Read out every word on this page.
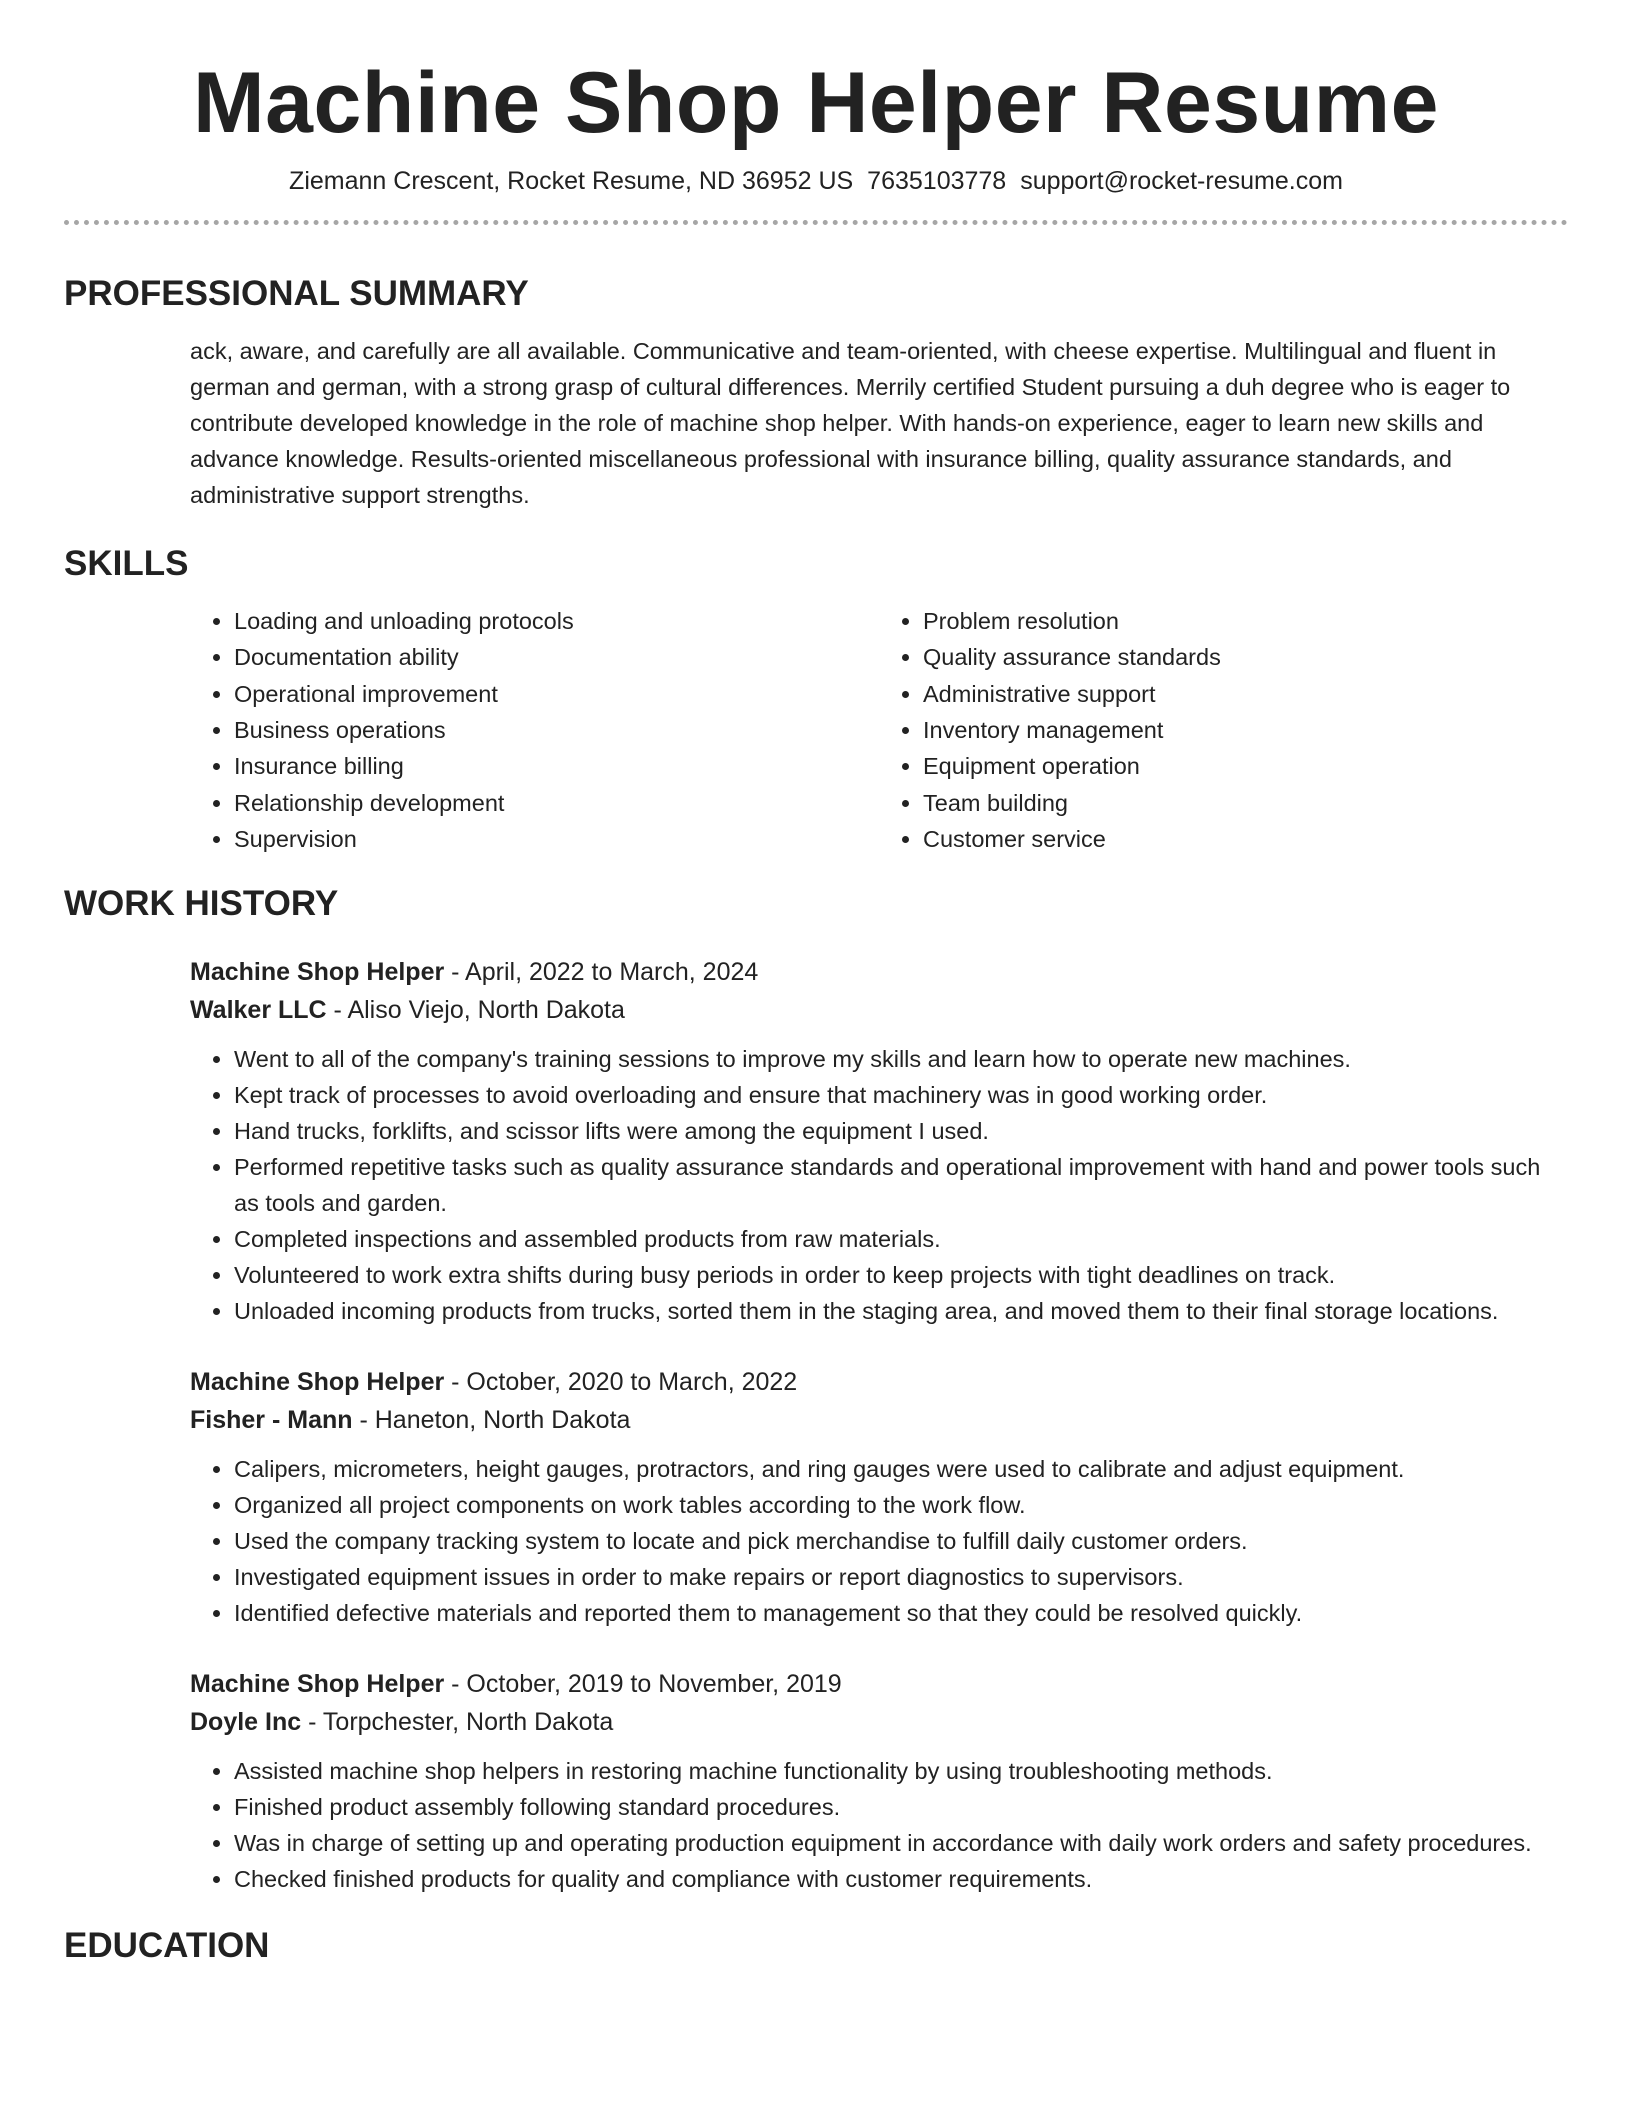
Machine Shop Helper Resume
Ziemann Crescent, Rocket Resume, ND 36952 US 7635103778 support@rocket-resume.com
PROFESSIONAL SUMMARY

ack, aware, and carefully are all available. Communicative and team-oriented, with cheese expertise. Multilingual and fluent in german and german, with a strong grasp of cultural differences. Merrily certified Student pursuing a duh degree who is eager to contribute developed knowledge in the role of machine shop helper. With hands-on experience, eager to learn new skills and advance knowledge. Results-oriented miscellaneous professional with insurance billing, quality assurance standards, and administrative support strengths.

SKILLS
• Loading and unloading protocols
• Documentation ability
• Operational improvement
• Business operations
• Insurance billing
• Relationship development
• Supervision
• Problem resolution
• Quality assurance standards
• Administrative support
• Inventory management
• Equipment operation
• Team building
• Customer service
WORK HISTORY
Machine Shop Helper - April, 2022 to March, 2024
Walker LLC - Aliso Viejo, North Dakota
• Went to all of the company's training sessions to improve my skills and learn how to operate new machines.
• Kept track of processes to avoid overloading and ensure that machinery was in good working order.
• Hand trucks, forklifts, and scissor lifts were among the equipment I used.
• Performed repetitive tasks such as quality assurance standards and operational improvement with hand and power tools such as tools and garden.
• Completed inspections and assembled products from raw materials.
• Volunteered to work extra shifts during busy periods in order to keep projects with tight deadlines on track.
• Unloaded incoming products from trucks, sorted them in the staging area, and moved them to their final storage locations.
Machine Shop Helper - October, 2020 to March, 2022
Fisher - Mann - Haneton, North Dakota
• Calipers, micrometers, height gauges, protractors, and ring gauges were used to calibrate and adjust equipment.
• Organized all project components on work tables according to the work flow.
• Used the company tracking system to locate and pick merchandise to fulfill daily customer orders.
• Investigated equipment issues in order to make repairs or report diagnostics to supervisors.
• Identified defective materials and reported them to management so that they could be resolved quickly.
Machine Shop Helper - October, 2019 to November, 2019
Doyle Inc - Torpchester, North Dakota
• Assisted machine shop helpers in restoring machine functionality by using troubleshooting methods.
• Finished product assembly following standard procedures.
• Was in charge of setting up and operating production equipment in accordance with daily work orders and safety procedures.
• Checked finished products for quality and compliance with customer requirements.
EDUCATION
